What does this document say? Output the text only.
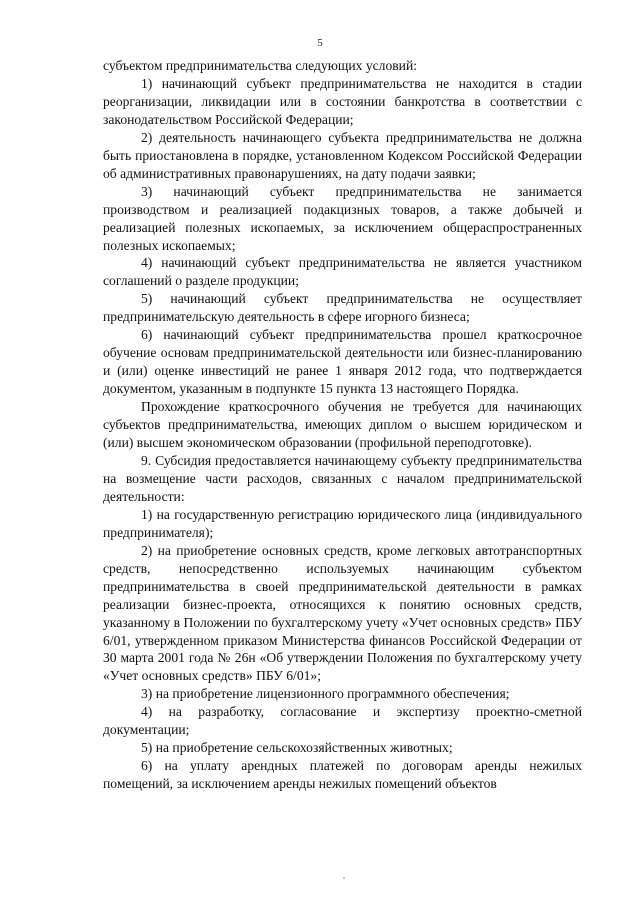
5

субъектом предпринимательства следующих условий:

1) начинающий субъект предпринимательства не находится в стадии реорганизации, ликвидации или в состоянии банкротства в соответствии с законодательством Российской Федерации;

2) деятельность начинающего субъекта предпринимательства не должна быть приостановлена в порядке, установленном Кодексом Российской Федерации об административных правонарушениях, на дату подачи заявки;

3) начинающий субъект предпринимательства не занимается производством и реализацией подакцизных товаров, а также добычей и реализацией полезных ископаемых, за исключением общераспространенных полезных ископаемых;

4) начинающий субъект предпринимательства не является участником соглашений о разделе продукции;

5) начинающий субъект предпринимательства не осуществляет предпринимательскую деятельность в сфере игорного бизнеса;

6) начинающий субъект предпринимательства прошел краткосрочное обучение основам предпринимательской деятельности или бизнес-планированию и (или) оценке инвестиций не ранее 1 января 2012 года, что подтверждается документом, указанным в подпункте 15 пункта 13 настоящего Порядка.

Прохождение краткосрочного обучения не требуется для начинающих субъектов предпринимательства, имеющих диплом о высшем юридическом и (или) высшем экономическом образовании (профильной переподготовке).

9. Субсидия предоставляется начинающему субъекту предпринимательства на возмещение части расходов, связанных с началом предпринимательской деятельности:

1) на государственную регистрацию юридического лица (индивидуального предпринимателя);

2) на приобретение основных средств, кроме легковых автотранспортных средств, непосредственно используемых начинающим субъектом предпринимательства в своей предпринимательской деятельности в рамках реализации бизнес-проекта, относящихся к понятию основных средств, указанному в Положении по бухгалтерскому учету «Учет основных средств» ПБУ 6/01, утвержденном приказом Министерства финансов Российской Федерации от 30 марта 2001 года № 26н «Об утверждении Положения по бухгалтерскому учету «Учет основных средств» ПБУ 6/01»;

3) на приобретение лицензионного программного обеспечения;

4) на разработку, согласование и экспертизу проектно-сметной документации;

5) на приобретение сельскохозяйственных животных;

6) на уплату арендных платежей по договорам аренды нежилых помещений, за исключением аренды нежилых помещений объектов
